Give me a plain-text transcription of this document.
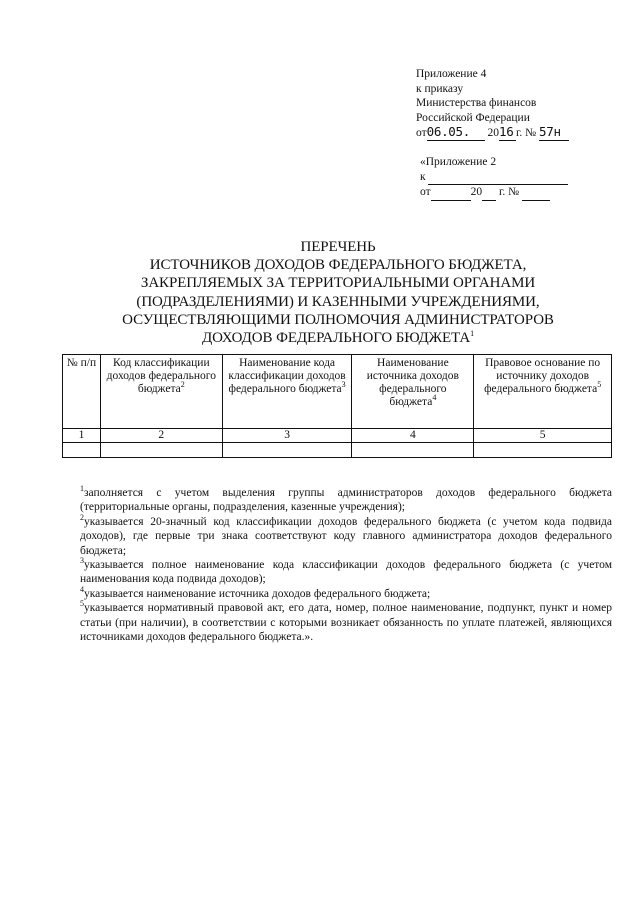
Приложение 4
к приказу
Министерства финансов
Российской Федерации
от06.05. 2016 г. № 57н
«Приложение 2
к
от	20 г. №
ПЕРЕЧЕНЬ
ИСТОЧНИКОВ ДОХОДОВ ФЕДЕРАЛЬНОГО БЮДЖЕТА,
ЗАКРЕПЛЯЕМЫХ ЗА ТЕРРИТОРИАЛЬНЫМИ ОРГАНАМИ
(ПОДРАЗДЕЛЕНИЯМИ) И КАЗЕННЫМИ УЧРЕЖДЕНИЯМИ,
ОСУЩЕСТВЛЯЮЩИМИ ПОЛНОМОЧИЯ АДМИНИСТРАТОРОВ
ДОХОДОВ ФЕДЕРАЛЬНОГО БЮДЖЕТА$^1$
№ п/п	Код классификации доходов федерального бюджета$^2$	Наименование кода классификации доходов федерального бюджета$^3$	Наименование источника доходов федерального бюджета$^4$	Правовое основание по источнику доходов федерального бюджета$^5$
1	2	3	4	5

$^1$заполняется с учетом выделения группы администраторов доходов федерального бюджета (территориальные органы, подразделения, казенные учреждения);
$^2$указывается 20-значный код классификации доходов федерального бюджета (с учетом кода подвида доходов), где первые три знака соответствуют коду главного администратора доходов федерального бюджета;
$^3$указывается полное наименование кода классификации доходов федерального бюджета (с учетом наименования кода подвида доходов);
$^4$указывается наименование источника доходов федерального бюджета;
$^5$указывается нормативный правовой акт, его дата, номер, полное наименование, подпункт, пункт и номер статьи (при наличии), в соответствии с которыми возникает обязанность по уплате платежей, являющихся источниками доходов федерального бюджета.».
